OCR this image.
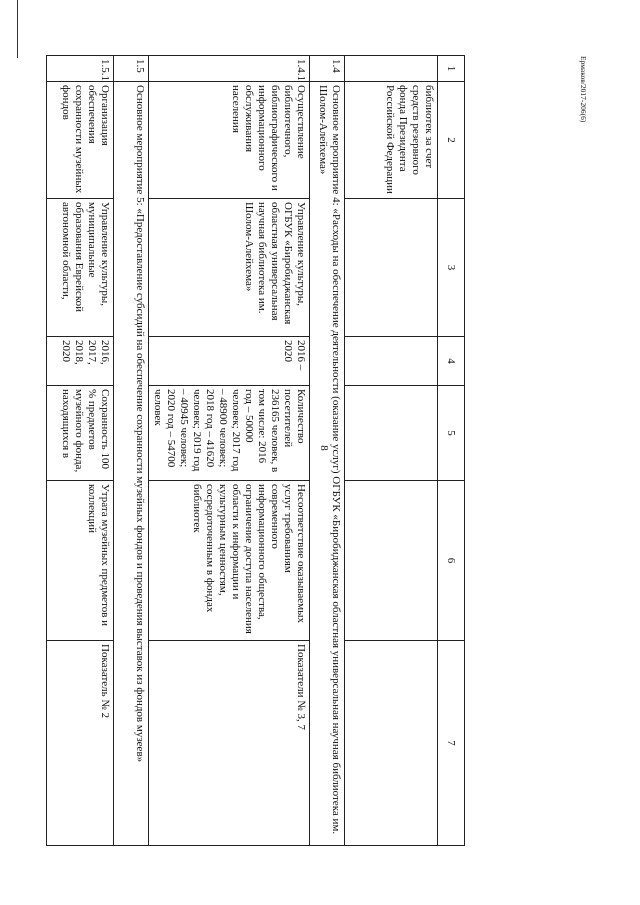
8
Ермаков/2017-206(6)
1	2	3	4	5	6	7
	библиотек за счет средств резервного фонда Президента Российской Федерации					
1.4	Основное мероприятие 4: «Расходы на обеспечение деятельности (оказание услуг) ОГБУК «Биробиджанская областная универсальная научная библиотека им. Шолом-Алейхема»					
1.4.1	Осуществление библиотечного, библиографического и информационного обслуживания населения	Управление культуры, ОГБУК «Биробиджанская областная универсальная научная библиотека им. Шолом-Алейхема»	2016 – 2020	Количество посетителей 236165 человек, в том числе: 2016 год – 50000 человек; 2017 год – 48900 человек; 2018 год – 41620 человек; 2019 год – 40945 человек; 2020 год – 54700 человек	Несоответствие оказываемых услуг требованиям современного информационного общества, ограничение доступа населения области к информации и культурным ценностям, сосредоточенным в фондах библиотек	Показатели № 3, 7
1.5	Основное мероприятие 5: «Предоставление субсидий на обеспечение сохранности музейных фондов и проведения выставок из фондов музеев»					
1.5.1	Организация обеспечения сохранности музейных фондов	Управление культуры, муниципальные образования Еврейской автономной области,	2016, 2017, 2018, 2020	Сохранность 100 % предметов музейного фонда, находящихся в	Утрата музейных предметов и коллекций	Показатель № 2
